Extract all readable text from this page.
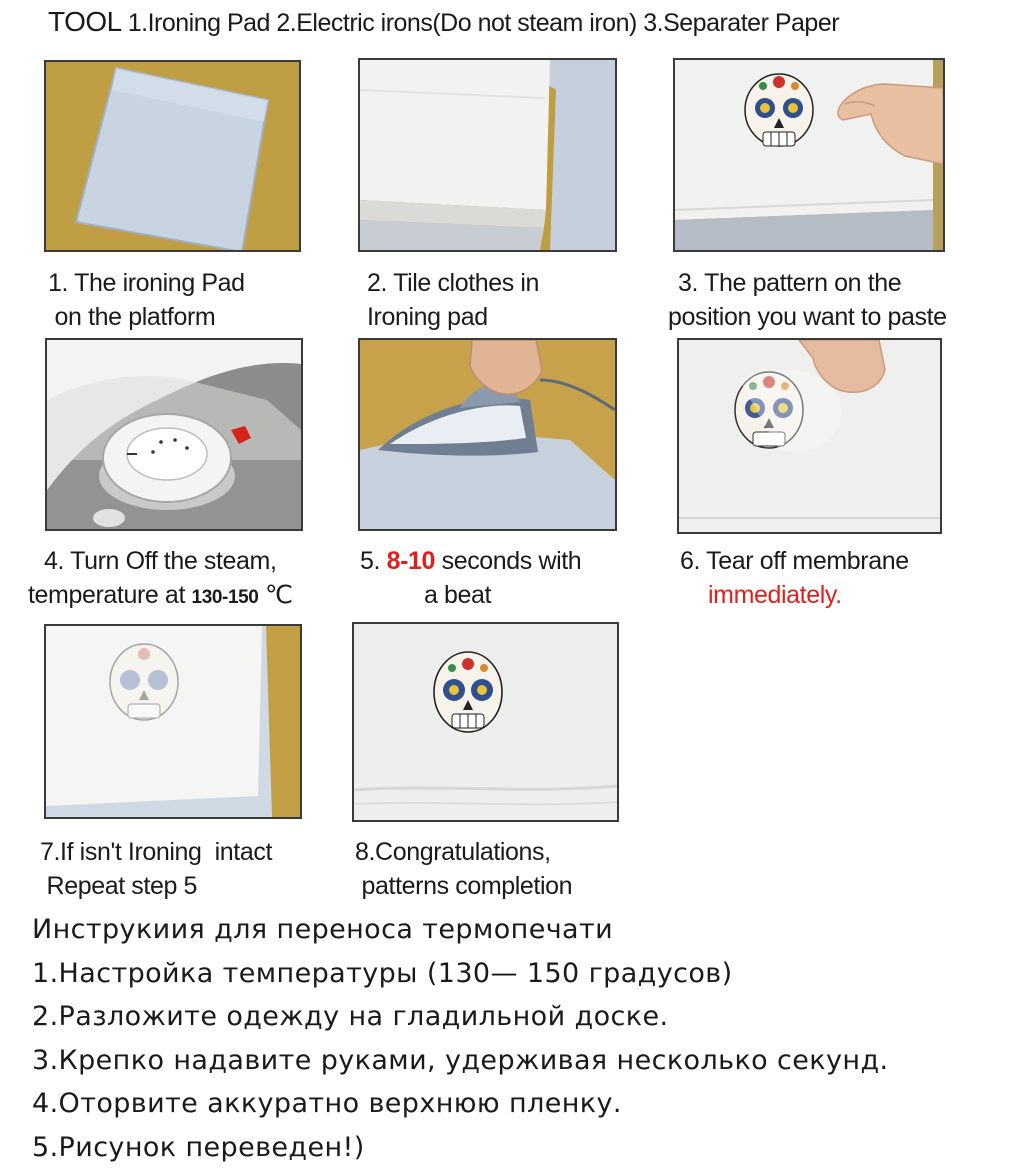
TOOL 1.Ironing Pad 2.Electric irons(Do not steam iron) 3.Separater Paper
1. The ironing Pad
on the platform
2. Tile clothes in
Ironing pad
3. The pattern on the
position you want to paste
4. Turn Off the steam,
temperature at 130-150 ℃
5. 8-10 seconds with
a beat
6. Tear off membrane
immediately.
7.If isn't Ironing  intact
Repeat step 5
8.Congratulations,
patterns completion
Инструкиия для переноса термопечати
1.Настройка температуры (130— 150 градусов)
2.Разложите одежду на гладильной доске.
3.Крепко надавите руками, удерживая несколько секунд.
4.Оторвите аккуратно верхнюю пленку.
5.Рисунок переведен!)
